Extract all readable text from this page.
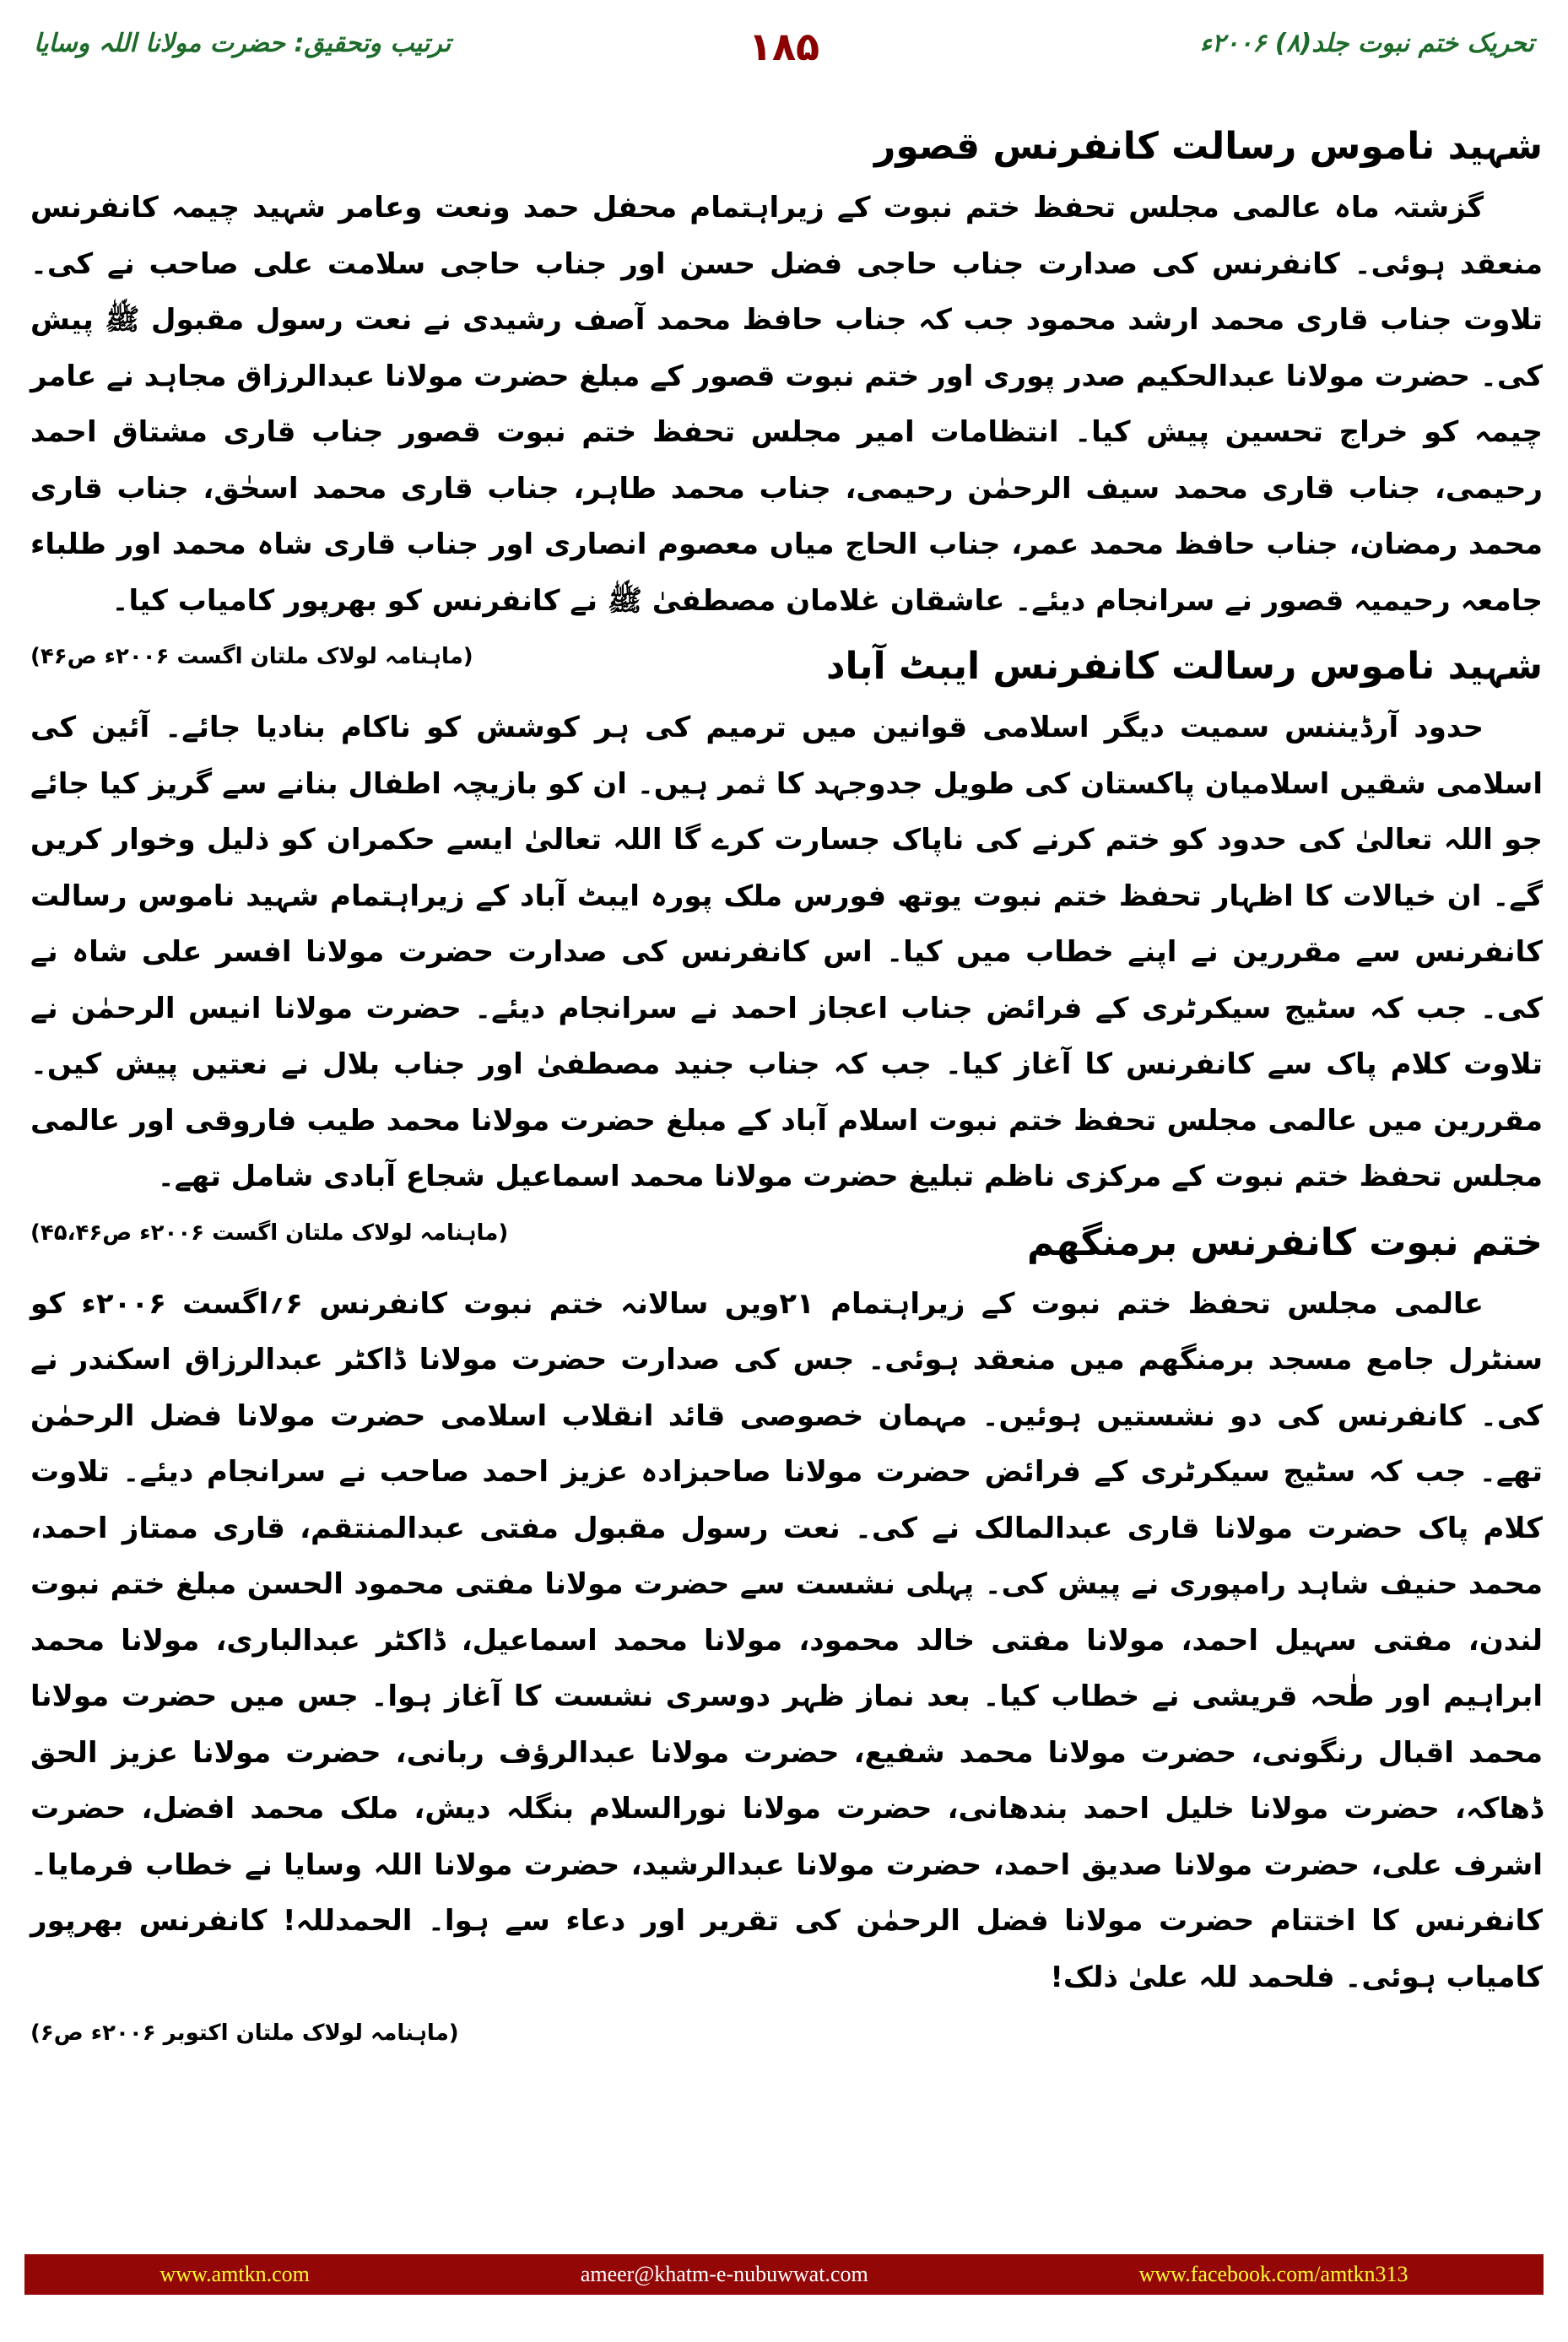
ترتیب وتحقیق: حضرت مولانا اللہ وسایا	۱۸۵	تحریک ختم نبوت جلد(۸) ۲۰۰۶ء
شہید ناموس رسالت کانفرنس قصور

گزشتہ ماہ عالمی مجلس تحفظ ختم نبوت کے زیراہتمام محفل حمد ونعت وعامر شہید چیمہ کانفرنس منعقد ہوئی۔ کانفرنس کی صدارت جناب حاجی فضل حسن اور جناب حاجی سلامت علی صاحب نے کی۔ تلاوت جناب قاری محمد ارشد محمود جب کہ جناب حافظ محمد آصف رشیدی نے نعت رسول مقبول ﷺ پیش کی۔ حضرت مولانا عبدالحکیم صدر پوری اور ختم نبوت قصور کے مبلغ حضرت مولانا عبدالرزاق مجاہد نے عامر چیمہ کو خراج تحسین پیش کیا۔ انتظامات امیر مجلس تحفظ ختم نبوت قصور جناب قاری مشتاق احمد رحیمی، جناب قاری محمد سیف الرحمٰن رحیمی، جناب محمد طاہر، جناب قاری محمد اسحٰق، جناب قاری محمد رمضان، جناب حافظ محمد عمر، جناب الحاج میاں معصوم انصاری اور جناب قاری شاہ محمد اور طلباء جامعہ رحیمیہ قصور نے سرانجام دیئے۔ عاشقان غلامان مصطفیٰ ﷺ نے کانفرنس کو بھرپور کامیاب کیا۔
(ماہنامہ لولاک ملتان اگست ۲۰۰۶ء ص۴۶)	شہید ناموس رسالت کانفرنس ایبٹ آباد

حدود آرڈیننس سمیت دیگر اسلامی قوانین میں ترمیم کی ہر کوشش کو ناکام بنادیا جائے۔ آئین کی اسلامی شقیں اسلامیان پاکستان کی طویل جدوجہد کا ثمر ہیں۔ ان کو بازیچہ اطفال بنانے سے گریز کیا جائے جو اللہ تعالیٰ کی حدود کو ختم کرنے کی ناپاک جسارت کرے گا اللہ تعالیٰ ایسے حکمران کو ذلیل وخوار کریں گے۔ ان خیالات کا اظہار تحفظ ختم نبوت یوتھ فورس ملک پورہ ایبٹ آباد کے زیراہتمام شہید ناموس رسالت کانفرنس سے مقررین نے اپنے خطاب میں کیا۔ اس کانفرنس کی صدارت حضرت مولانا افسر علی شاہ نے کی۔ جب کہ سٹیج سیکرٹری کے فرائض جناب اعجاز احمد نے سرانجام دیئے۔ حضرت مولانا انیس الرحمٰن نے تلاوت کلام پاک سے کانفرنس کا آغاز کیا۔ جب کہ جناب جنید مصطفیٰ اور جناب بلال نے نعتیں پیش کیں۔ مقررین میں عالمی مجلس تحفظ ختم نبوت اسلام آباد کے مبلغ حضرت مولانا محمد طیب فاروقی اور عالمی مجلس تحفظ ختم نبوت کے مرکزی ناظم تبلیغ حضرت مولانا محمد اسماعیل شجاع آبادی شامل تھے۔
(ماہنامہ لولاک ملتان اگست ۲۰۰۶ء ص۴۵،۴۶)	ختم نبوت کانفرنس برمنگھم

عالمی مجلس تحفظ ختم نبوت کے زیراہتمام ۲۱ویں سالانہ ختم نبوت کانفرنس ۶؍اگست ۲۰۰۶ء کو سنٹرل جامع مسجد برمنگھم میں منعقد ہوئی۔ جس کی صدارت حضرت مولانا ڈاکٹر عبدالرزاق اسکندر نے کی۔ کانفرنس کی دو نشستیں ہوئیں۔ مہمان خصوصی قائد انقلاب اسلامی حضرت مولانا فضل الرحمٰن تھے۔ جب کہ سٹیج سیکرٹری کے فرائض حضرت مولانا صاحبزادہ عزیز احمد صاحب نے سرانجام دیئے۔ تلاوت کلام پاک حضرت مولانا قاری عبدالمالک نے کی۔ نعت رسول مقبول مفتی عبدالمنتقم، قاری ممتاز احمد، محمد حنیف شاہد رامپوری نے پیش کی۔ پہلی نشست سے حضرت مولانا مفتی محمود الحسن مبلغ ختم نبوت لندن، مفتی سہیل احمد، مولانا مفتی خالد محمود، مولانا محمد اسماعیل، ڈاکٹر عبدالباری، مولانا محمد ابراہیم اور طٰحہ قریشی نے خطاب کیا۔ بعد نماز ظہر دوسری نشست کا آغاز ہوا۔ جس میں حضرت مولانا محمد اقبال رنگونی، حضرت مولانا محمد شفیع، حضرت مولانا عبدالرؤف ربانی، حضرت مولانا عزیز الحق ڈھاکہ، حضرت مولانا خلیل احمد بندھانی، حضرت مولانا نورالسلام بنگلہ دیش، ملک محمد افضل، حضرت اشرف علی، حضرت مولانا صدیق احمد، حضرت مولانا عبدالرشید، حضرت مولانا اللہ وسایا نے خطاب فرمایا۔ کانفرنس کا اختتام حضرت مولانا فضل الرحمٰن کی تقریر اور دعاء سے ہوا۔ الحمدللہ! کانفرنس بھرپور کامیاب ہوئی۔ فلحمد للہ علیٰ ذلک!

(ماہنامہ لولاک ملتان اکتوبر ۲۰۰۶ء ص۶)

www.amtkn.com	ameer@khatm-e-nubuwwat.com	www.facebook.com/amtkn313
